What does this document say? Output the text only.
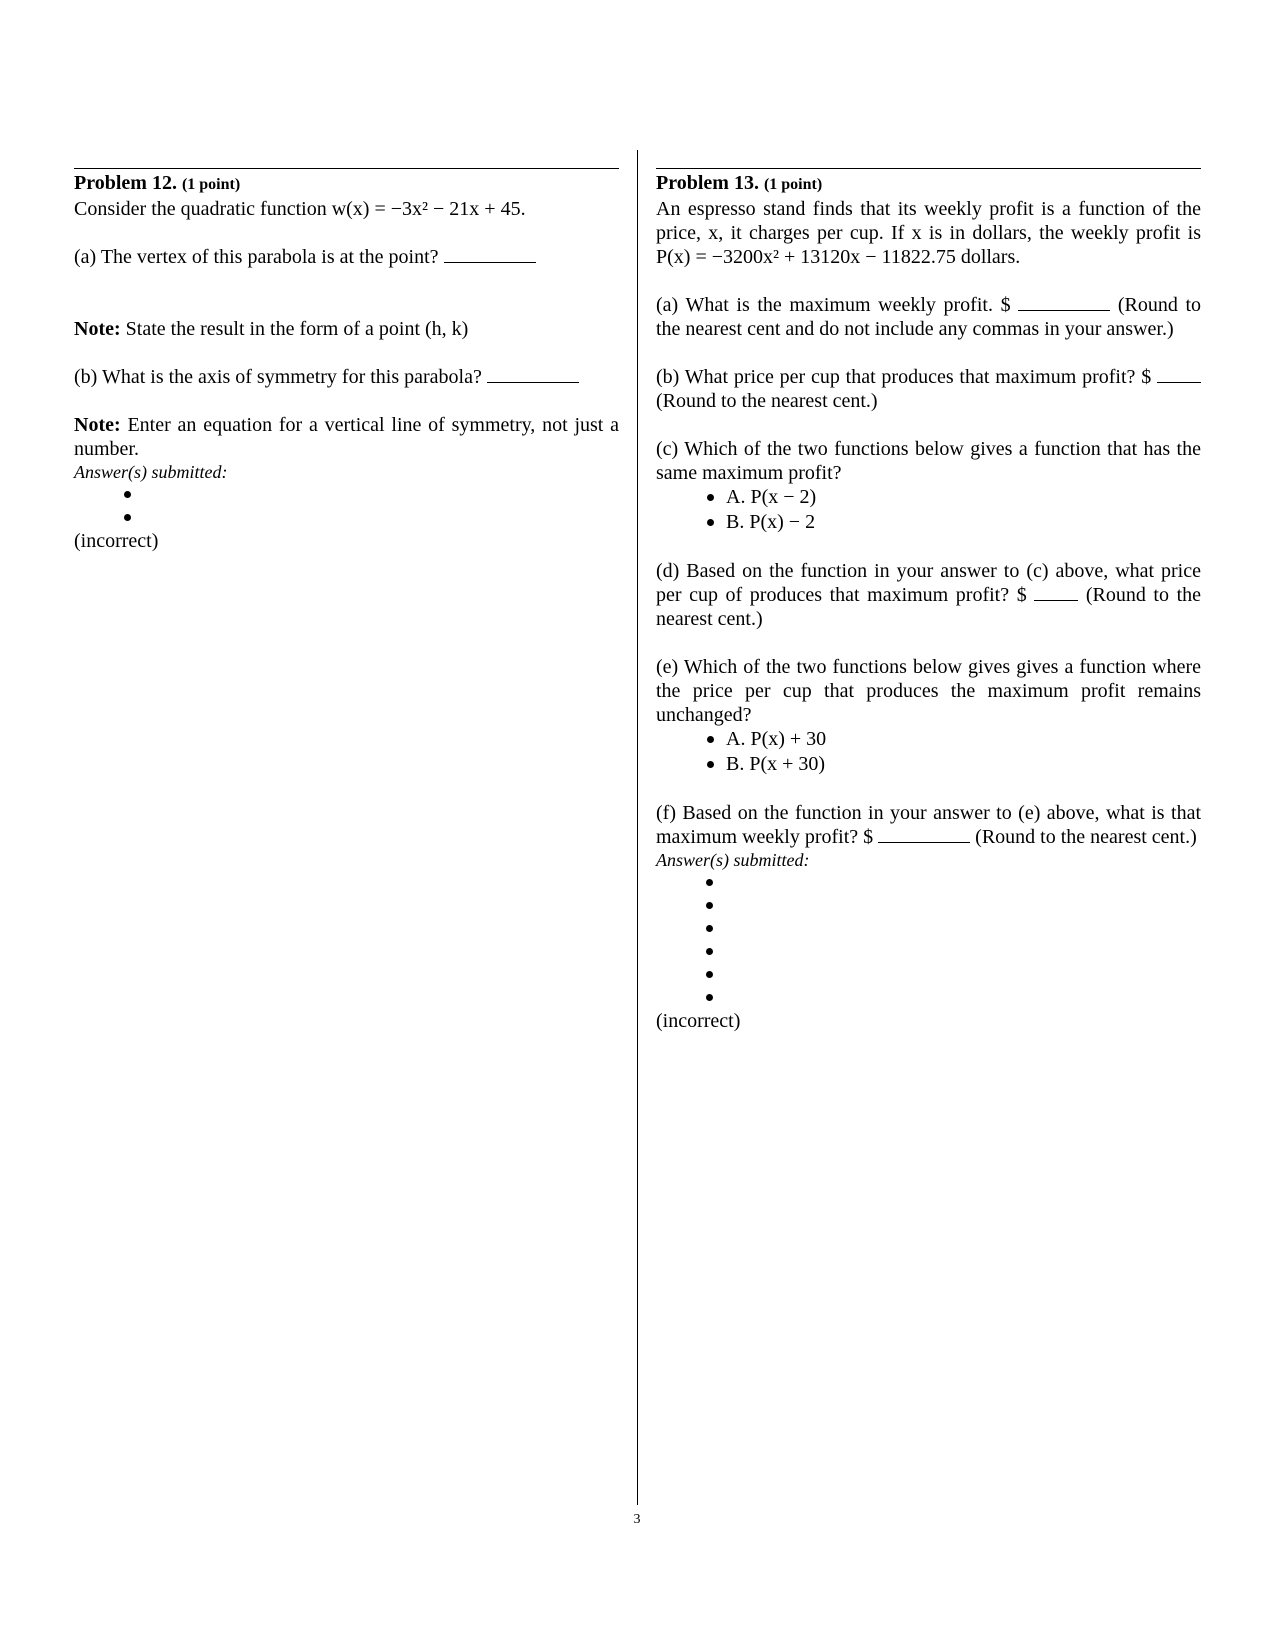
Problem 12. (1 point)

Consider the quadratic function w(x) = −3x² − 21x + 45.

(a) The vertex of this parabola is at the point?

Note: State the result in the form of a point (h, k)

(b) What is the axis of symmetry for this parabola?

Note: Enter an equation for a vertical line of symmetry, not just a number.

Answer(s) submitted:

(incorrect)

Problem 13. (1 point)

An espresso stand finds that its weekly profit is a function of the price, x, it charges per cup. If x is in dollars, the weekly profit is P(x) = −3200x² + 13120x − 11822.75 dollars.

(a) What is the maximum weekly profit. $	(Round to the nearest cent and do not include any commas in your answer.)

(b) What price per cup that produces that maximum profit? $  (Round to the nearest cent.)

(c) Which of the two functions below gives a function that has the same maximum profit?

A. P(x − 2)
B. P(x) − 2

(d) Based on the function in your answer to (c) above, what price per cup of produces that maximum profit? $	(Round to the nearest cent.)

(e) Which of the two functions below gives gives a function where the price per cup that produces the maximum profit remains unchanged?

A. P(x) + 30
B. P(x + 30)

(f) Based on the function in your answer to (e) above, what is that maximum weekly profit? $	(Round to the nearest cent.)

Answer(s) submitted:

(incorrect)

3
